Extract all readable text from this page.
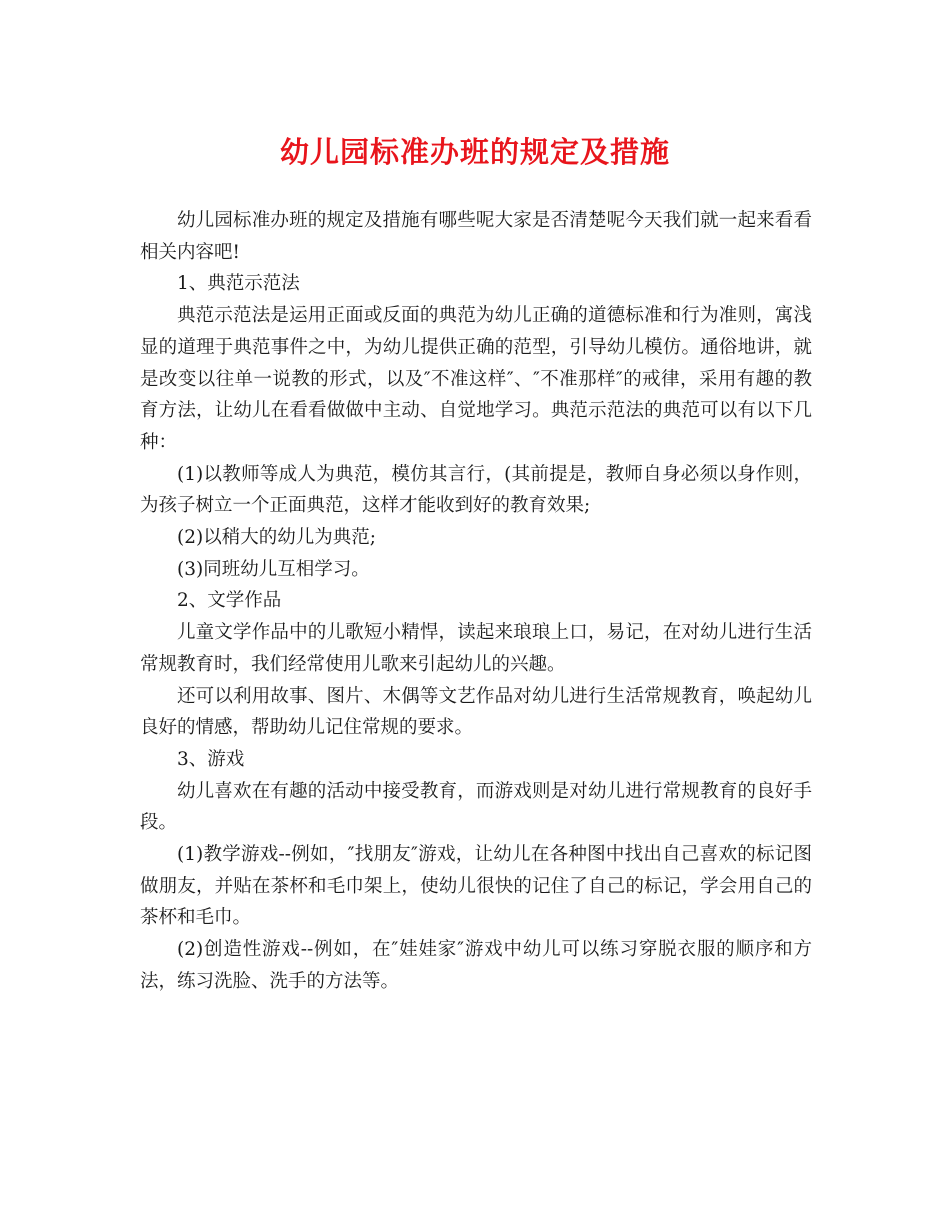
幼儿园标准办班的规定及措施

幼儿园标准办班的规定及措施有哪些呢大家是否清楚呢今天我们就一起来看看相关内容吧!

1、典范示范法

典范示范法是运用正面或反面的典范为幼儿正确的道德标准和行为准则，寓浅显的道理于典范事件之中，为幼儿提供正确的范型，引导幼儿模仿。通俗地讲，就是改变以往单一说教的形式，以及″不准这样″、″不准那样″的戒律，采用有趣的教育方法，让幼儿在看看做做中主动、自觉地学习。典范示范法的典范可以有以下几种：

(1)以教师等成人为典范，模仿其言行，(其前提是，教师自身必须以身作则，为孩子树立一个正面典范，这样才能收到好的教育效果;

(2)以稍大的幼儿为典范;

(3)同班幼儿互相学习。

2、文学作品

儿童文学作品中的儿歌短小精悍，读起来琅琅上口，易记，在对幼儿进行生活常规教育时，我们经常使用儿歌来引起幼儿的兴趣。

还可以利用故事、图片、木偶等文艺作品对幼儿进行生活常规教育，唤起幼儿良好的情感，帮助幼儿记住常规的要求。

3、游戏

幼儿喜欢在有趣的活动中接受教育，而游戏则是对幼儿进行常规教育的良好手段。

(1)教学游戏--例如，″找朋友″游戏，让幼儿在各种图中找出自己喜欢的标记图做朋友，并贴在茶杯和毛巾架上，使幼儿很快的记住了自己的标记，学会用自己的茶杯和毛巾。

(2)创造性游戏--例如，在″娃娃家″游戏中幼儿可以练习穿脱衣服的顺序和方法，练习洗脸、洗手的方法等。
